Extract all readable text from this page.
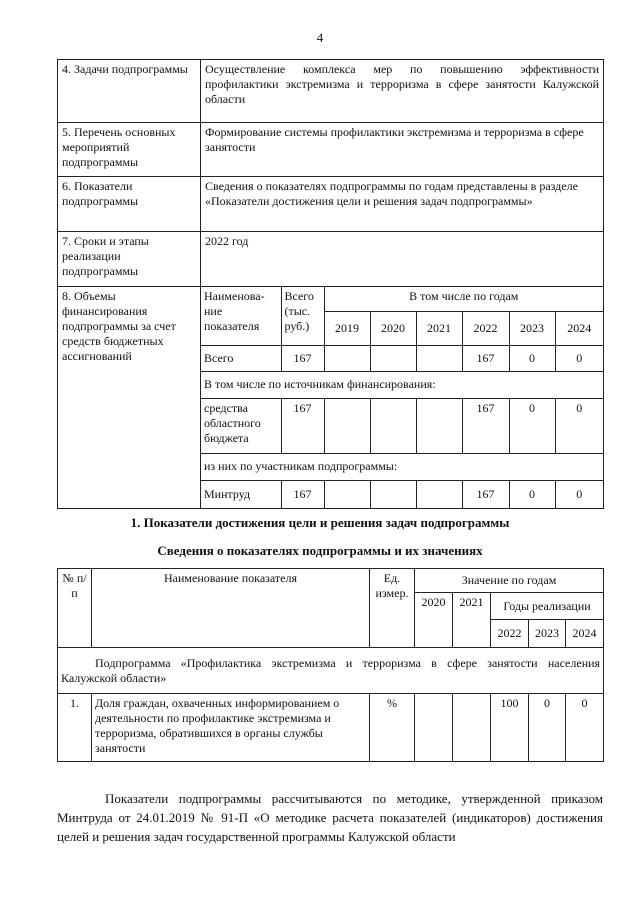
4
4. Задачи подпрограммы	Осуществление комплекса мер по повышению эффективности профилактики экстремизма и терроризма в сфере занятости Калужской области
5. Перечень основных мероприятий подпрограммы	Формирование системы профилактики экстремизма и терроризма в сфере занятости
6. Показатели подпрограммы	Сведения о показателях подпрограммы по годам представлены в разделе «Показатели достижения цели и решения задач подпрограммы»
7. Сроки и этапы реализации подпрограммы	2022 год
8. Объемы финансирования подпрограммы за счет средств бюджетных ассигнований	
Наименова-ние показателя	Всего (тыс. руб.)	В том числе по годам
2019	2020	2021	2022	2023	2024
Всего	167				167	0	0
В том числе по источникам финансирования:
средства областного бюджета	167				167	0	0
из них по участникам подпрограммы:
Минтруд	167				167	0	0
1. Показатели достижения цели и решения задач подпрограммы
Сведения о показателях подпрограммы и их значениях
№ п/п	Наименование показателя	Ед. измер.	Значение по годам				
			2020	2021	Годы реализации		
					2022	2023	2024
Подпрограмма «Профилактика экстремизма и терроризма в сфере занятости населения Калужской области»							
1.	Доля граждан, охваченных информированием о деятельности по профилактике экстремизма и терроризма, обратившихся в органы службы занятости	%			100	0	0

Показатели подпрограммы рассчитываются по методике, утвержденной приказом Минтруда от 24.01.2019 № 91-П «О методике расчета показателей (индикаторов) достижения целей и решения задач государственной программы Калужской области
